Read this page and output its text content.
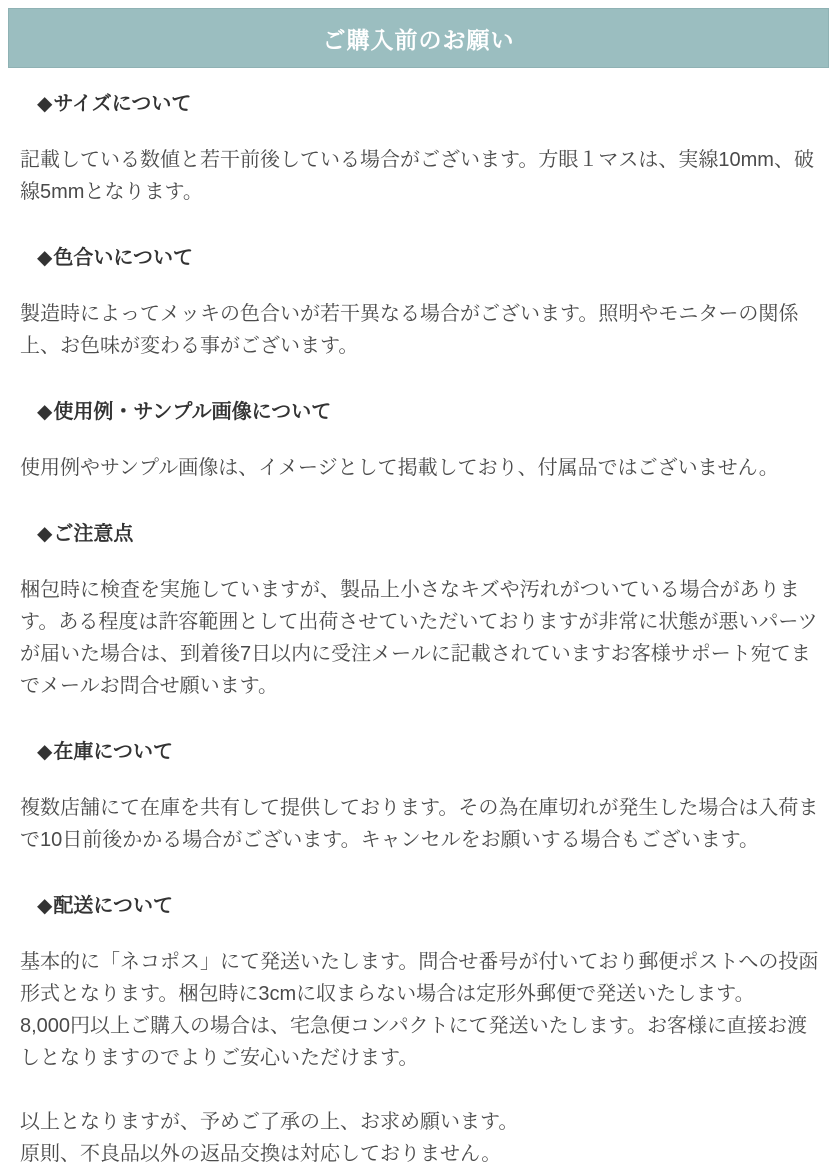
ご購入前のお願い
◆ サイズについて

記載している数値と若干前後している場合がございます。方眼１マスは、実線10mm、破線5mmとなります。

◆ 色合いについて

製造時によってメッキの色合いが若干異なる場合がございます。照明やモニターの関係上、お色味が変わる事がございます。

◆ 使用例・サンプル画像について

使用例やサンプル画像は、イメージとして掲載しており、付属品ではございません。

◆ ご注意点

梱包時に検査を実施していますが、製品上小さなキズや汚れがついている場合があります。ある程度は許容範囲として出荷させていただいておりますが非常に状態が悪いパーツが届いた場合は、到着後7日以内に受注メールに記載されていますお客様サポート宛てまでメールお問合せ願います。

◆ 在庫について

複数店舗にて在庫を共有して提供しております。その為在庫切れが発生した場合は入荷まで10日前後かかる場合がございます。キャンセルをお願いする場合もございます。

◆ 配送について

基本的に「ネコポス」にて発送いたします。問合せ番号が付いており郵便ポストへの投函形式となります。梱包時に3cmに収まらない場合は定形外郵便で発送いたします。

8,000円以上ご購入の場合は、宅急便コンパクトにて発送いたします。お客様に直接お渡しとなりますのでよりご安心いただけます。

以上となりますが、予めご了承の上、お求め願います。

原則、不良品以外の返品交換は対応しておりません。
